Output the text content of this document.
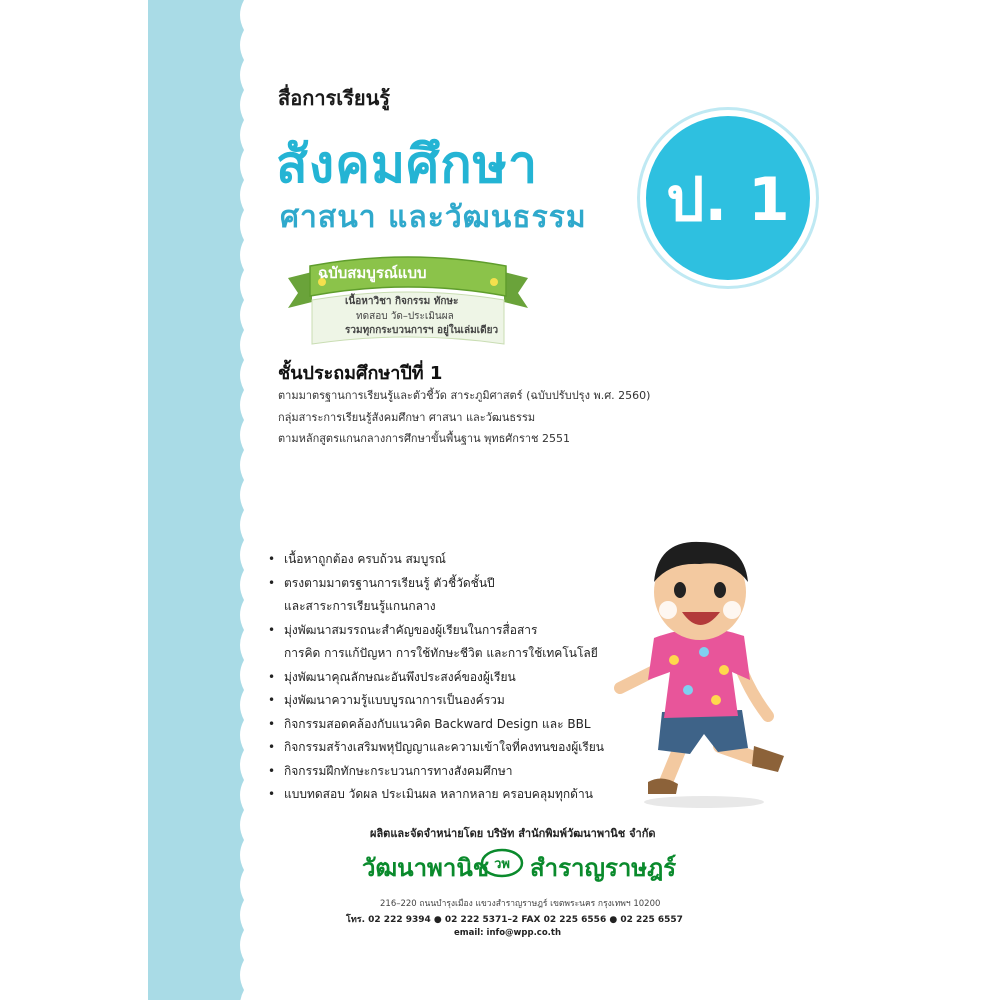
สื่อการเรียนรู้
สังคมศึกษา
ศาสนา และวัฒนธรรม	ป. 1
ฉบับสมบูรณ์แบบ
เนื้อหาวิชา กิจกรรม ทักษะ
ทดสอบ วัด–ประเมินผล
รวมทุกกระบวนการฯ อยู่ในเล่มเดียว
ชั้นประถมศึกษาปีที่ 1
ตามมาตรฐานการเรียนรู้และตัวชี้วัด สาระภูมิศาสตร์ (ฉบับปรับปรุง พ.ศ. 2560)
กลุ่มสาระการเรียนรู้สังคมศึกษา ศาสนา และวัฒนธรรม
ตามหลักสูตรแกนกลางการศึกษาขั้นพื้นฐาน พุทธศักราช 2551
• เนื้อหาถูกต้อง ครบถ้วน สมบูรณ์
• ตรงตามมาตรฐานการเรียนรู้ ตัวชี้วัดชั้นปี
และสาระการเรียนรู้แกนกลาง
• มุ่งพัฒนาสมรรถนะสำคัญของผู้เรียนในการสื่อสาร
การคิด การแก้ปัญหา การใช้ทักษะชีวิต และการใช้เทคโนโลยี
• มุ่งพัฒนาคุณลักษณะอันพึงประสงค์ของผู้เรียน
• มุ่งพัฒนาความรู้แบบบูรณาการเป็นองค์รวม
• กิจกรรมสอดคล้องกับแนวคิด Backward Design และ BBL
• กิจกรรมสร้างเสริมพหุปัญญาและความเข้าใจที่คงทนของผู้เรียน
• กิจกรรมฝึกทักษะกระบวนการทางสังคมศึกษา
• แบบทดสอบ วัดผล ประเมินผล หลากหลาย ครอบคลุมทุกด้าน
ผลิตและจัดจำหน่ายโดย บริษัท สำนักพิมพ์วัฒนาพานิช จำกัด
วัฒนาพานิช วพ สำราญราษฎร์
216–220 ถนนบำรุงเมือง แขวงสำราญราษฎร์ เขตพระนคร กรุงเทพฯ 10200
โทร. 02 222 9394 ● 02 222 5371–2 FAX 02 225 6556 ● 02 225 6557
email: info@wpp.co.th
